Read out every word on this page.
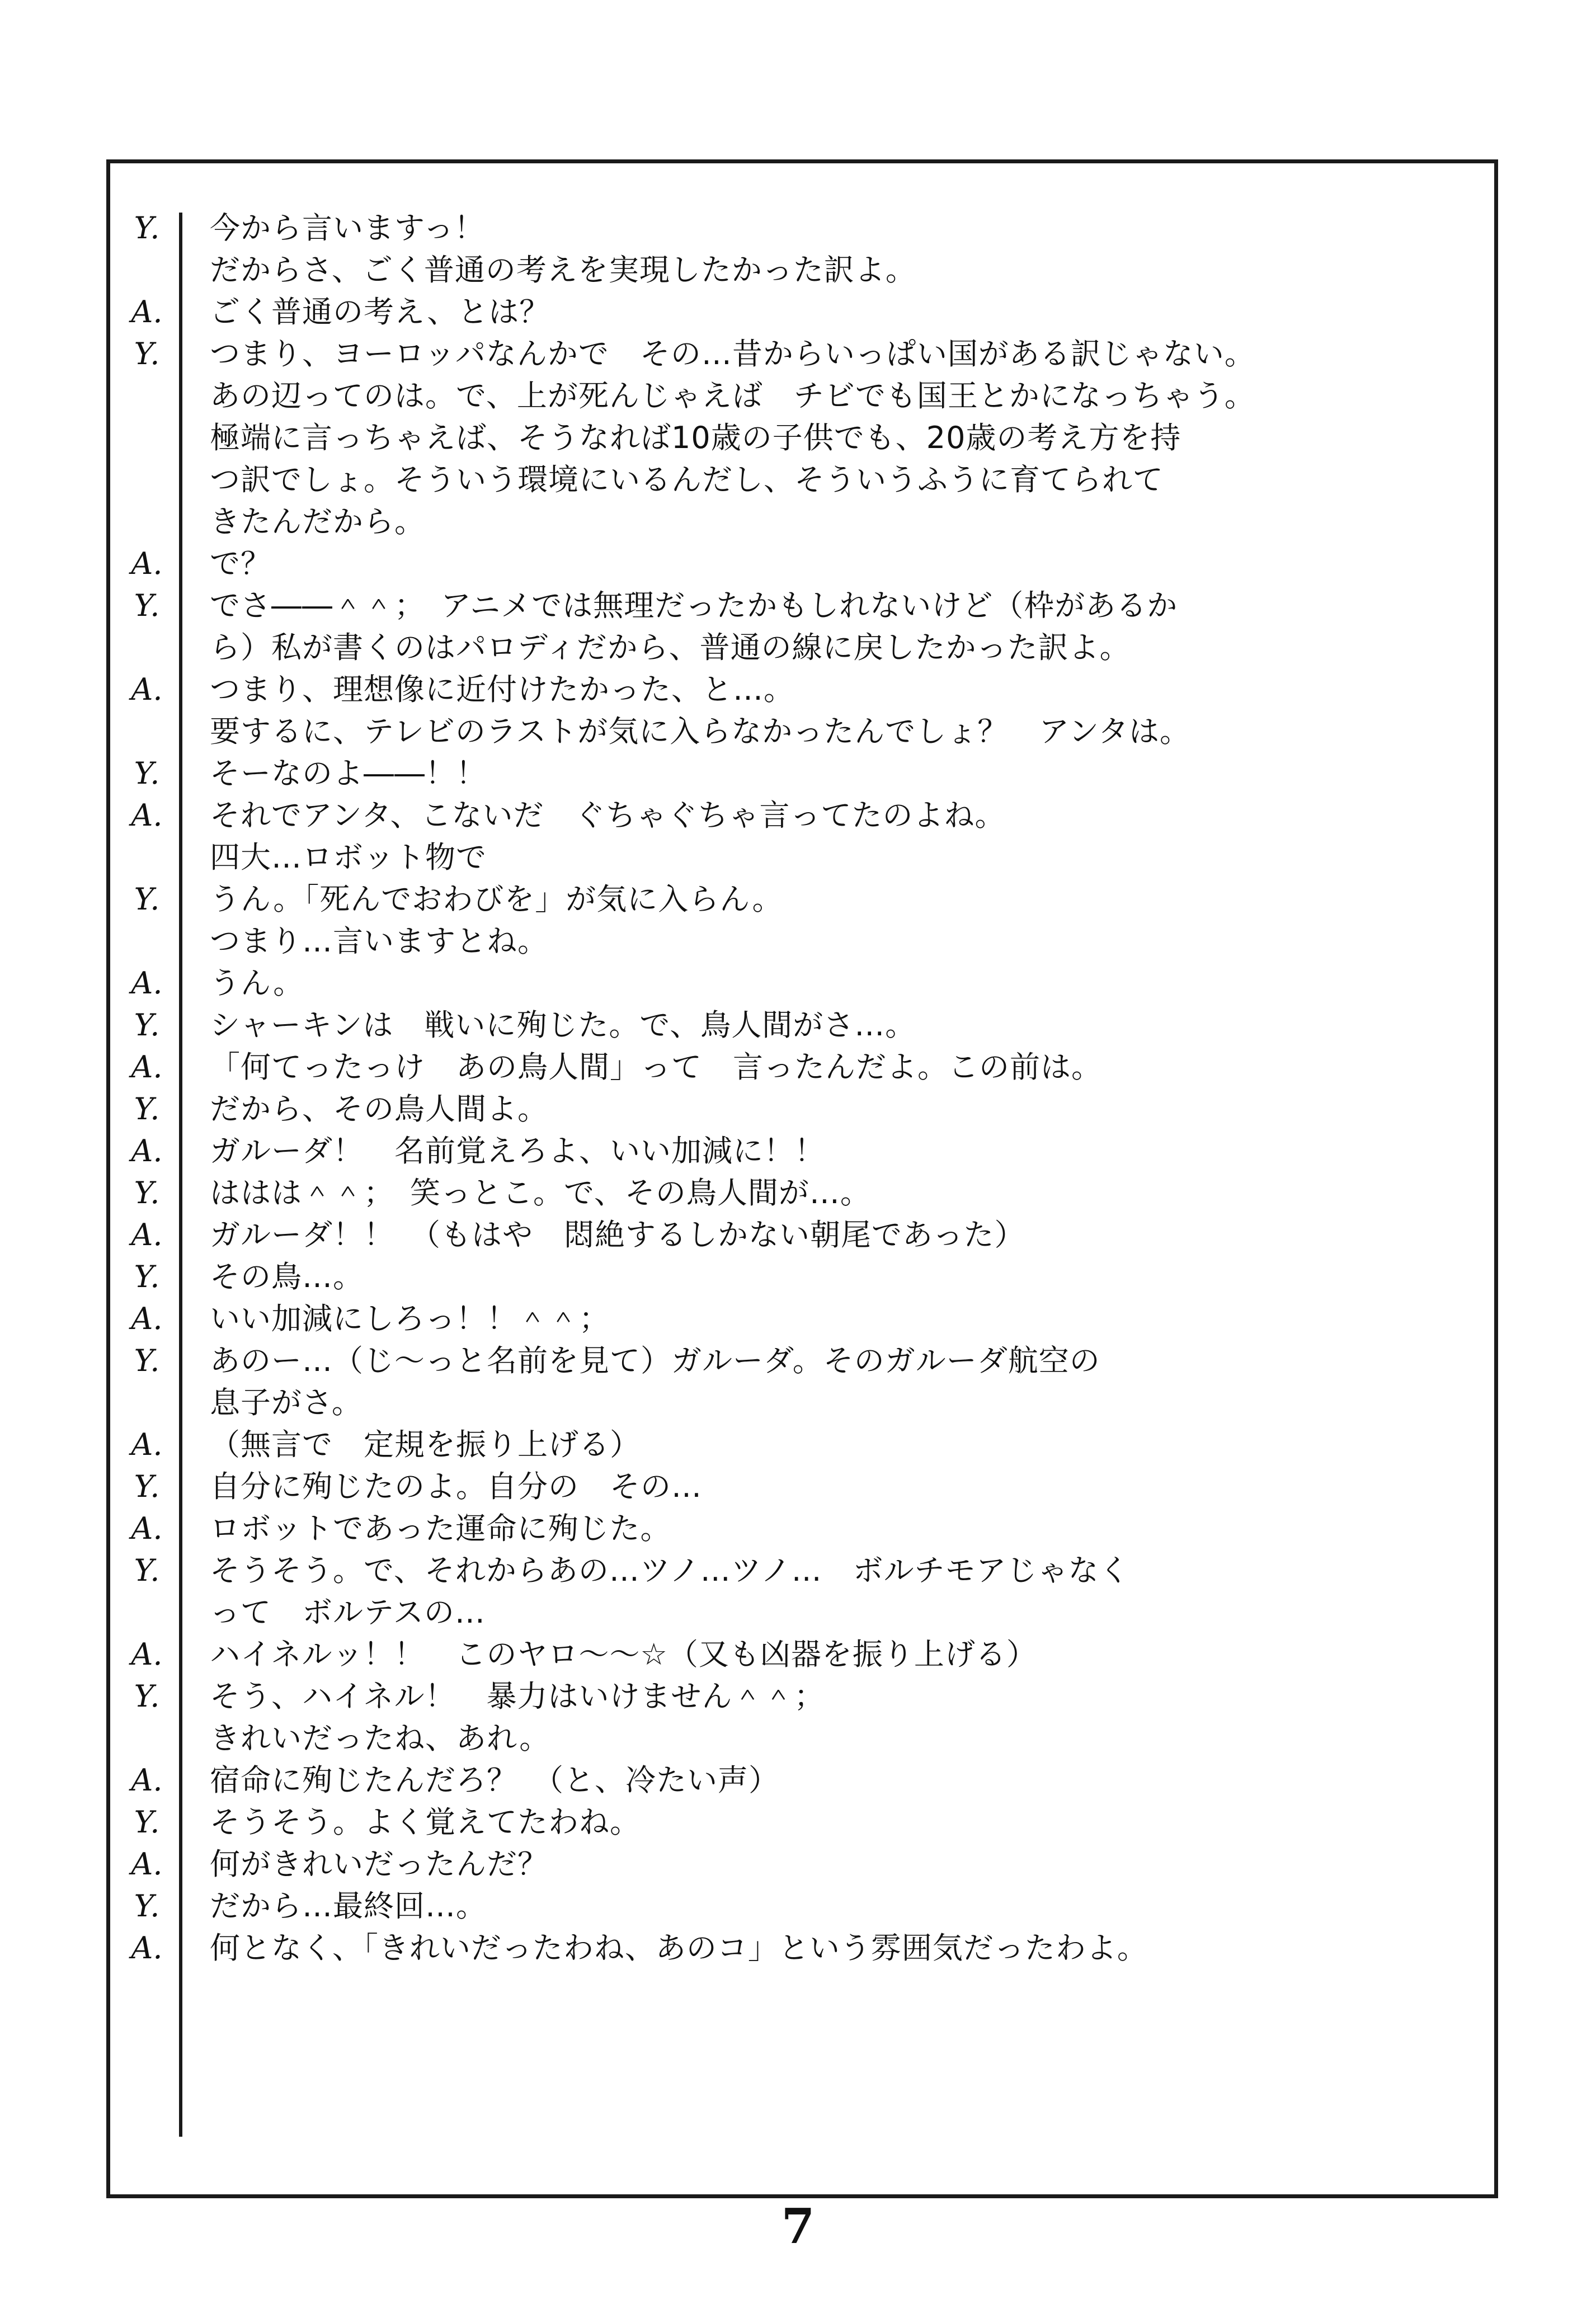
Y.	今から言いますっ！
だからさ、ごく普通の考えを実現したかった訳よ。
A.	ごく普通の考え、とは？
Y.	つまり、ヨーロッパなんかで　その…昔からいっぱい国がある訳じゃない。
あの辺ってのは。で、上が死んじゃえば　チビでも国王とかになっちゃう。
極端に言っちゃえば、そうなれば10歳の子供でも、20歳の考え方を持
つ訳でしょ。そういう環境にいるんだし、そういうふうに育てられて
きたんだから。
A.	で？
Y.	でさ――＾＾；　アニメでは無理だったかもしれないけど（枠があるか
ら）私が書くのはパロディだから、普通の線に戻したかった訳よ。
A.	つまり、理想像に近付けたかった、と…。
要するに、テレビのラストが気に入らなかったんでしょ？　アンタは。
Y.	そーなのよ――！！
A.	それでアンタ、こないだ　ぐちゃぐちゃ言ってたのよね。
四大…ロボット物で
Y.	うん。「死んでおわびを」が気に入らん。
つまり…言いますとね。
A.	うん。
Y.	シャーキンは　戦いに殉じた。で、鳥人間がさ…。
A.	「何てったっけ　あの鳥人間」って　言ったんだよ。この前は。
Y.	だから、その鳥人間よ。
A.	ガルーダ！　名前覚えろよ、いい加減に！！
Y.	ははは＾＾；　笑っとこ。で、その鳥人間が…。
A.	ガルーダ！！　（もはや　悶絶するしかない朝尾であった）
Y.	その鳥…。
A.	いい加減にしろっ！！＾＾；
Y.	あのー…（じ～っと名前を見て）ガルーダ。そのガルーダ航空の
息子がさ。
A.	（無言で　定規を振り上げる）
Y.	自分に殉じたのよ。自分の　その…
A.	ロボットであった運命に殉じた。
Y.	そうそう。で、それからあの…ツノ…ツノ…　ボルチモアじゃなく
って　ボルテスの…
A.	ハイネルッ！！　このヤロ～～☆（又も凶器を振り上げる）
Y.	そう、ハイネル！　暴力はいけません＾＾；
きれいだったね、あれ。
A.	宿命に殉じたんだろ？　（と、冷たい声）
Y.	そうそう。よく覚えてたわね。
A.	何がきれいだったんだ？
Y.	だから…最終回…。
A.	何となく、「きれいだったわね、あのコ」という雰囲気だったわよ。
7
